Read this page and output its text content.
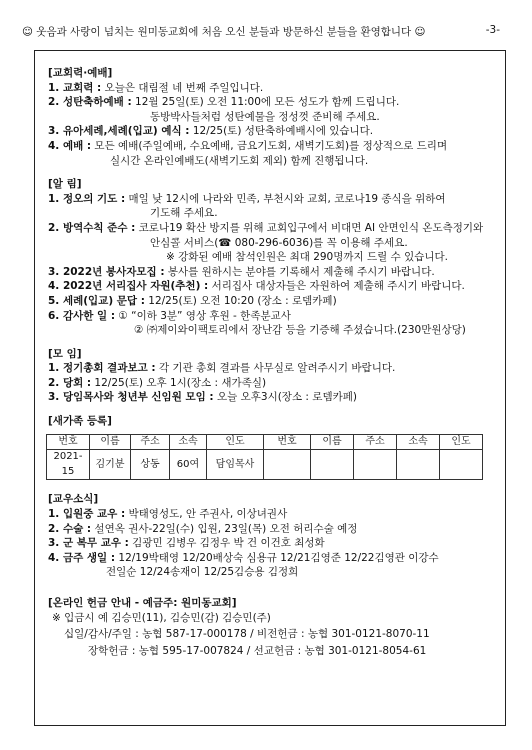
☺ 웃음과 사랑이 넘치는 원미동교회에 처음 오신 분들과 방문하신 분들을 환영합니다 ☺	-3-
[교회력·예배]
1. 교회력 : 오늘은 대림절 네 번째 주일입니다.
2. 성탄축하예배 : 12월 25일(토) 오전 11:00에 모든 성도가 함께 드립니다.
동방박사들처럼 성탄예물을 정성껏 준비해 주세요.
3. 유아세례,세례(입교) 예식 : 12/25(토) 성탄축하예배시에 있습니다.
4. 예배 : 모든 예배(주일예배, 수요예배, 금요기도회, 새벽기도회)를 정상적으로 드리며
실시간 온라인예배도(새벽기도회 제외) 함께 진행됩니다.
[알 림]
1. 정오의 기도 : 매일 낮 12시에 나라와 민족, 부천시와 교회, 코로나19 종식을 위하여
기도해 주세요.
2. 방역수칙 준수 : 코로나19 확산 방지를 위해 교회입구에서 비대면 AI 안면인식 온도측정기와
안심콜 서비스(☎ 080-296-6036)를 꼭 이용해 주세요.
※ 강화된 예배 참석인원은 최대 290명까지 드릴 수 있습니다.
3. 2022년 봉사자모집 : 봉사를 원하시는 분야를 기록해서 제출해 주시기 바랍니다.
4. 2022년 서리집사 자원(추천) : 서리집사 대상자들은 자원하여 제출해 주시기 바랍니다.
5. 세례(입교) 문답 : 12/25(토) 오전 10:20 (장소 : 로뎀카페)
6. 감사한 일 : ① “이하 3분” 영상 후원 - 한족분교사
② ㈜제이와이팩토리에서 장난감 등을 기증해 주셨습니다.(230만원상당)
[모 임]
1. 정기총회 결과보고 : 각 기관 총회 결과를 사무실로 알려주시기 바랍니다.
2. 당회 : 12/25(토) 오후 1시(장소 : 새가족실)
3. 당임목사와 청년부 신임원 모임 : 오늘 오후3시(장소 : 로뎀카페)
[새가족 등록]
번호	이름	주소	소속	인도	번호	이름	주소	소속	인도
2021-15	김기분	상동	60여	담임목사					
[교우소식]
1. 입원중 교우 : 박태영성도, 안 주권사, 이상녀권사
2. 수술 : 설연옥 권사-22일(수) 입원, 23일(목) 오전 허리수술 예정
3. 군 복무 교우 : 김광민 김병우 김정우 박 건 이건호 최성화
4. 금주 생일 : 12/19박태영 12/20배상숙 심용규 12/21김영준 12/22김영관 이강수
전일순 12/24송재이 12/25김승용 김정희
[온라인 헌금 안내 - 예금주: 원미동교회]
※ 입금시 예 김승민(11), 김승민(감) 김승민(주)
십일/감사/주일 : 농협 587-17-000178 / 비전헌금 : 농협 301-0121-8070-11
장학헌금 : 농협 595-17-007824 / 선교헌금 : 농협 301-0121-8054-61
